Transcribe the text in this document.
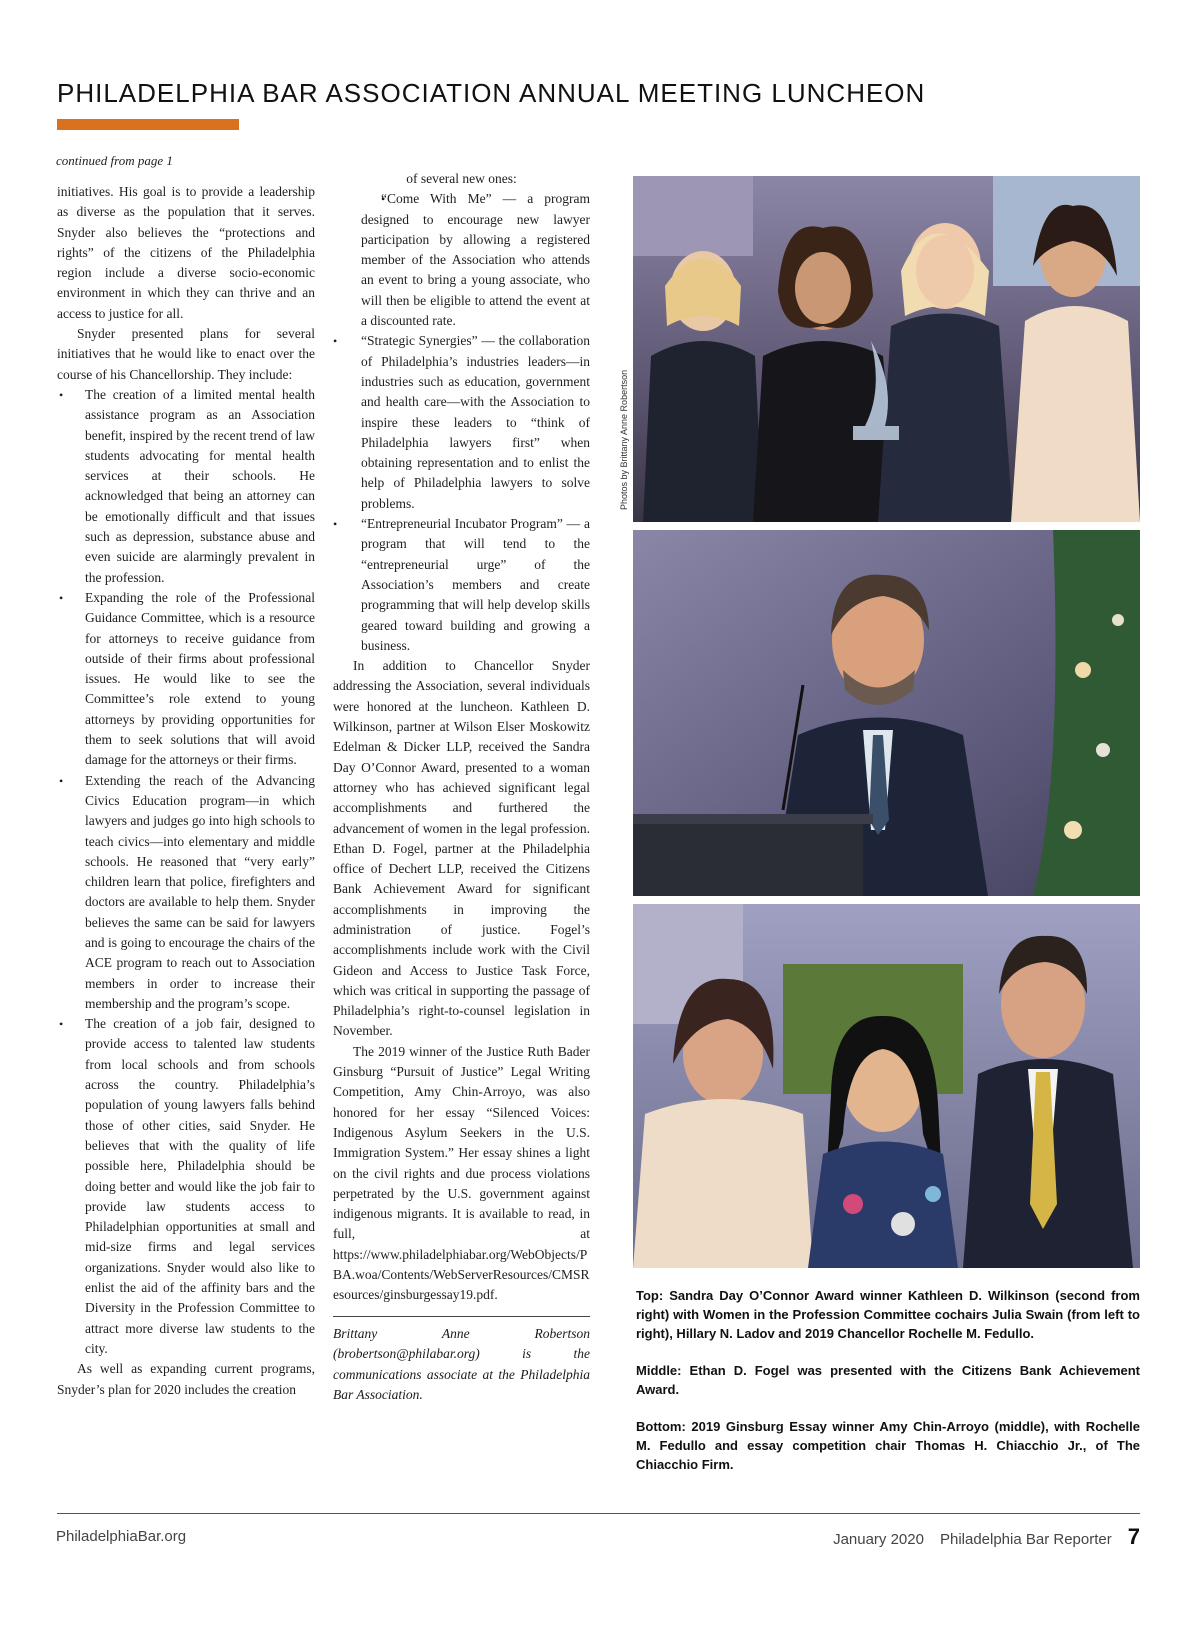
PHILADELPHIA BAR ASSOCIATION ANNUAL MEETING LUNCHEON
continued from page 1

initiatives. His goal is to provide a leadership as diverse as the population that it serves. Snyder also believes the “protections and rights” of the citizens of the Philadelphia region include a diverse socio-economic environment in which they can thrive and an access to justice for all.

Snyder presented plans for several initiatives that he would like to enact over the course of his Chancellorship. They include:

• The creation of a limited mental health assistance program as an Association benefit, inspired by the recent trend of law students advocating for mental health services at their schools. He acknowledged that being an attorney can be emotionally difficult and that issues such as depression, substance abuse and even suicide are alarmingly prevalent in the profession.
• Expanding the role of the Professional Guidance Committee, which is a resource for attorneys to receive guidance from outside of their firms about professional issues. He would like to see the Committee’s role extend to young attorneys by providing opportunities for them to seek solutions that will avoid damage for the attorneys or their firms.
• Extending the reach of the Advancing Civics Education program—in which lawyers and judges go into high schools to teach civics—into elementary and middle schools. He reasoned that “very early” children learn that police, firefighters and doctors are available to help them. Snyder believes the same can be said for lawyers and is going to encourage the chairs of the ACE program to reach out to Association members in order to increase their membership and the program’s scope.
• The creation of a job fair, designed to provide access to talented law students from local schools and from schools across the country. Philadelphia’s population of young lawyers falls behind those of other cities, said Snyder. He believes that with the quality of life possible here, Philadelphia should be doing better and would like the job fair to provide law students access to Philadelphian opportunities at small and mid-size firms and legal services organizations. Snyder would also like to enlist the aid of the affinity bars and the Diversity in the Profession Committee to attract more diverse law students to the city.

As well as expanding current programs, Snyder’s plan for 2020 includes the creation

of several new ones:

• “Come With Me” — a program designed to encourage new lawyer participation by allowing a registered member of the Association who attends an event to bring a young associate, who will then be eligible to attend the event at a discounted rate.
• “Strategic Synergies” — the collaboration of Philadelphia’s industries leaders—in industries such as education, government and health care—with the Association to inspire these leaders to “think of Philadelphia lawyers first” when obtaining representation and to enlist the help of Philadelphia lawyers to solve problems.
• “Entrepreneurial Incubator Program” — a program that will tend to the “entrepreneurial urge” of the Association’s members and create programming that will help develop skills geared toward building and growing a business.

In addition to Chancellor Snyder addressing the Association, several individuals were honored at the luncheon. Kathleen D. Wilkinson, partner at Wilson Elser Moskowitz Edelman & Dicker LLP, received the Sandra Day O’Connor Award, presented to a woman attorney who has achieved significant legal accomplishments and furthered the advancement of women in the legal profession. Ethan D. Fogel, partner at the Philadelphia office of Dechert LLP, received the Citizens Bank Achievement Award for significant accomplishments in improving the administration of justice. Fogel’s accomplishments include work with the Civil Gideon and Access to Justice Task Force, which was critical in supporting the passage of Philadelphia’s right-to-counsel legislation in November.

The 2019 winner of the Justice Ruth Bader Ginsburg “Pursuit of Justice” Legal Writing Competition, Amy Chin-Arroyo, was also honored for her essay “Silenced Voices: Indigenous Asylum Seekers in the U.S. Immigration System.” Her essay shines a light on the civil rights and due process violations perpetrated by the U.S. government against indigenous migrants. It is available to read, in full, at https://www.philadelphiabar.org/WebObjects/PBA.woa/Contents/WebServerResources/CMSResources/ginsburgessay19.pdf.

Brittany Anne Robertson (brobertson@philabar.org) is the communications associate at the Philadelphia Bar Association.
Photos by Brittany Anne Robertson

Top: Sandra Day O’Connor Award winner Kathleen D. Wilkinson (second from right) with Women in the Profession Committee cochairs Julia Swain (from left to right), Hillary N. Ladov and 2019 Chancellor Rochelle M. Fedullo.

Middle: Ethan D. Fogel was presented with the Citizens Bank Achievement Award.

Bottom: 2019 Ginsburg Essay winner Amy Chin-Arroyo (middle), with Rochelle M. Fedullo and essay competition chair Thomas H. Chiacchio Jr., of The Chiacchio Firm.

PhiladelphiaBar.org	January 2020 Philadelphia Bar Reporter 7
